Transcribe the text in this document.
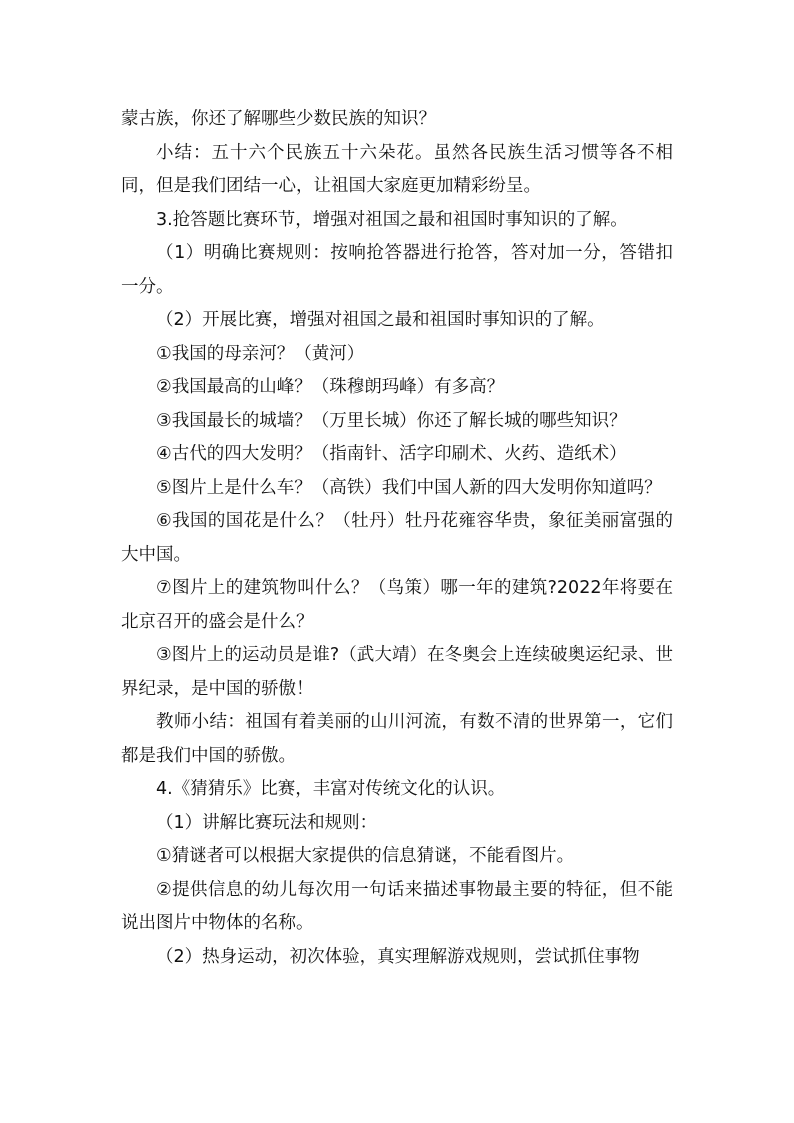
蒙古族，你还了解哪些少数民族的知识？

小结：五十六个民族五十六朵花。虽然各民族生活习惯等各不相同，但是我们团结一心，让祖国大家庭更加精彩纷呈。

3.抢答题比赛环节，增强对祖国之最和祖国时事知识的了解。

（1）明确比赛规则：按响抢答器进行抢答，答对加一分，答错扣一分。

（2）开展比赛，增强对祖国之最和祖国时事知识的了解。

①我国的母亲河？（黄河）

②我国最高的山峰？（珠穆朗玛峰）有多高？

③我国最长的城墙？（万里长城）你还了解长城的哪些知识？

④古代的四大发明？（指南针、活字印刷术、火药、造纸术）

⑤图片上是什么车？（高铁）我们中国人新的四大发明你知道吗？

⑥我国的国花是什么？（牡丹）牡丹花雍容华贵，象征美丽富强的大中国。

⑦图片上的建筑物叫什么？（鸟策）哪一年的建筑?2022年将要在北京召开的盛会是什么？

③图片上的运动员是谁?（武大靖）在冬奥会上连续破奥运纪录、世界纪录，是中国的骄傲！

教师小结：祖国有着美丽的山川河流，有数不清的世界第一，它们都是我们中国的骄傲。

4.《猜猜乐》比赛，丰富对传统文化的认识。

（1）讲解比赛玩法和规则：

①猜谜者可以根据大家提供的信息猜谜，不能看图片。

②提供信息的幼儿每次用一句话来描述事物最主要的特征，但不能说出图片中物体的名称。

（2）热身运动，初次体验，真实理解游戏规则，尝试抓住事物
